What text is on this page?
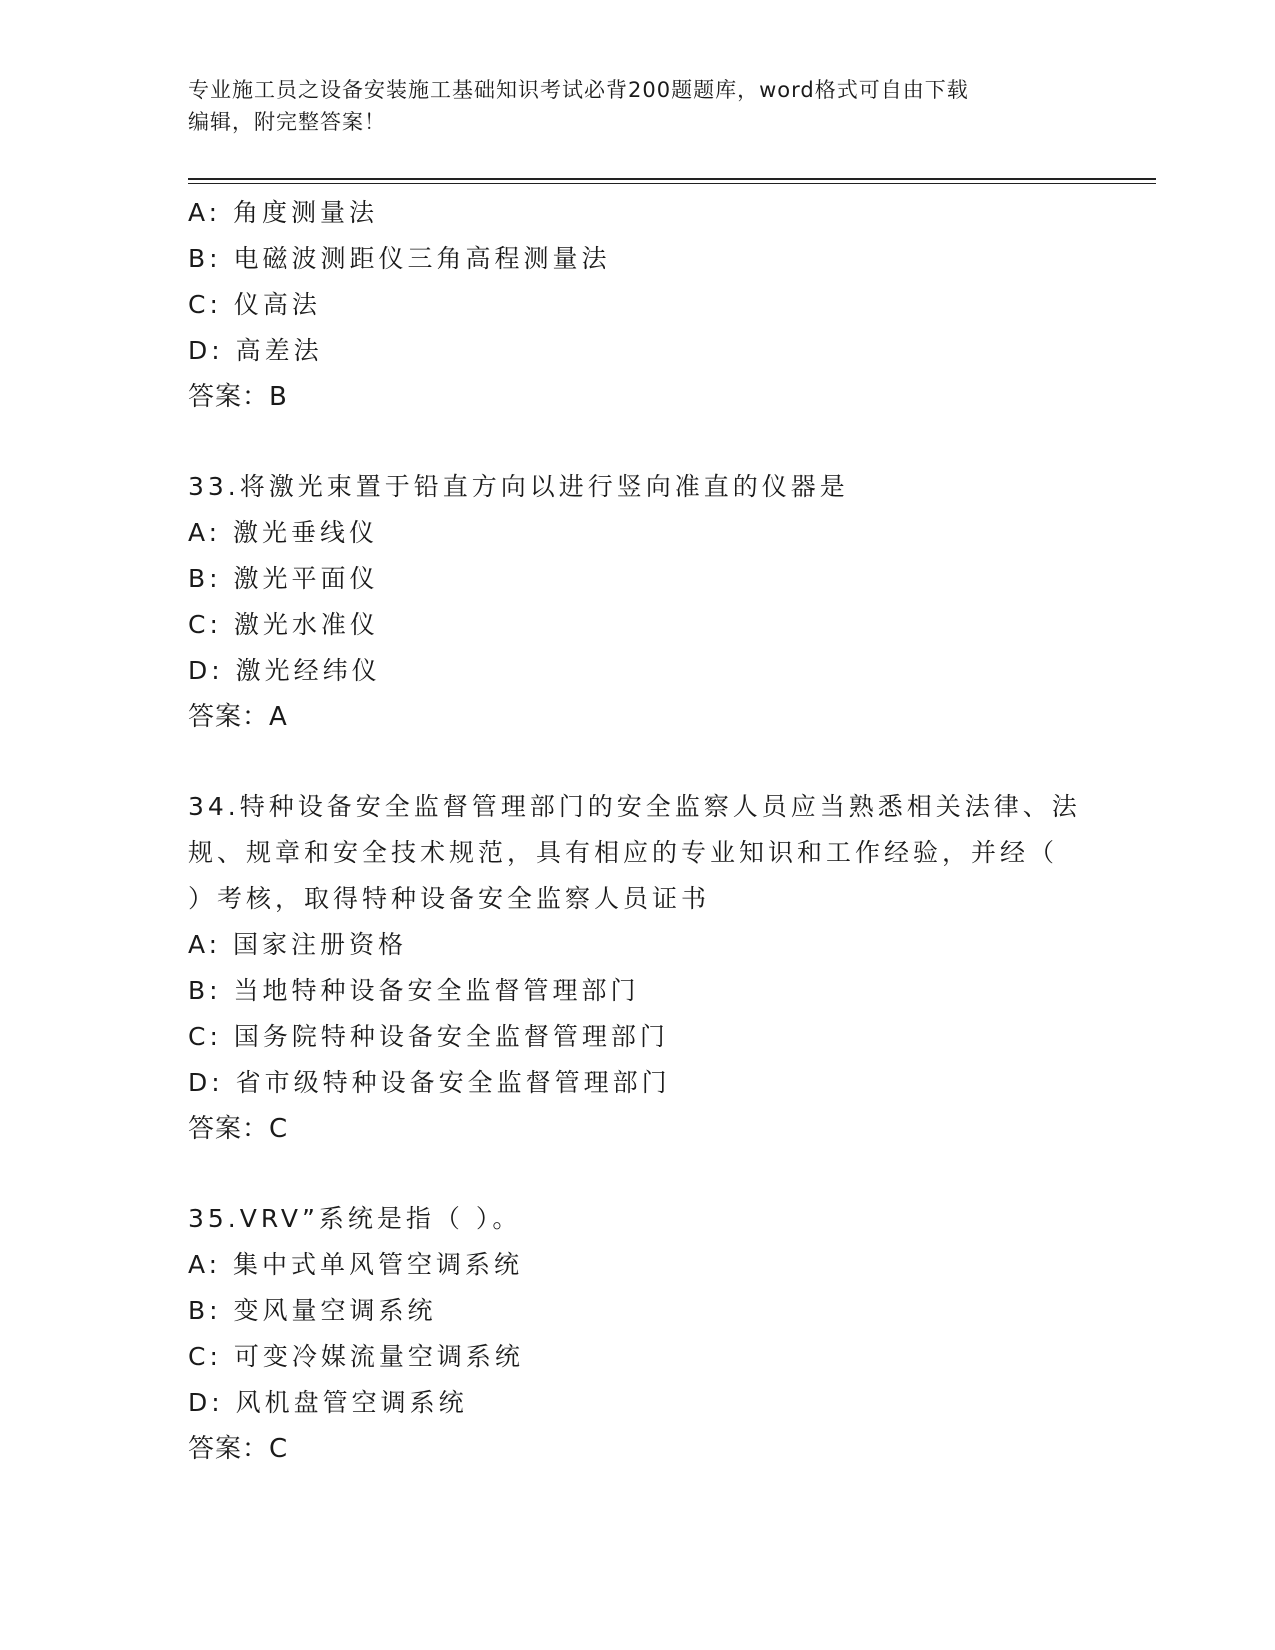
专业施工员之设备安装施工基础知识考试必背200题题库，word格式可自由下载
编辑，附完整答案！
A: 角度测量法
B: 电磁波测距仪三角高程测量法
C: 仪高法
D: 高差法
答案：B
33.将激光束置于铅直方向以进行竖向准直的仪器是
A: 激光垂线仪
B: 激光平面仪
C: 激光水准仪
D: 激光经纬仪
答案：A
34.特种设备安全监督管理部门的安全监察人员应当熟悉相关法律、法
规、规章和安全技术规范，具有相应的专业知识和工作经验，并经（
）考核，取得特种设备安全监察人员证书
A: 国家注册资格
B: 当地特种设备安全监督管理部门
C: 国务院特种设备安全监督管理部门
D: 省市级特种设备安全监督管理部门
答案：C
35.VRV”系统是指（ ）。
A: 集中式单风管空调系统
B: 变风量空调系统
C: 可变冷媒流量空调系统
D: 风机盘管空调系统
答案：C
